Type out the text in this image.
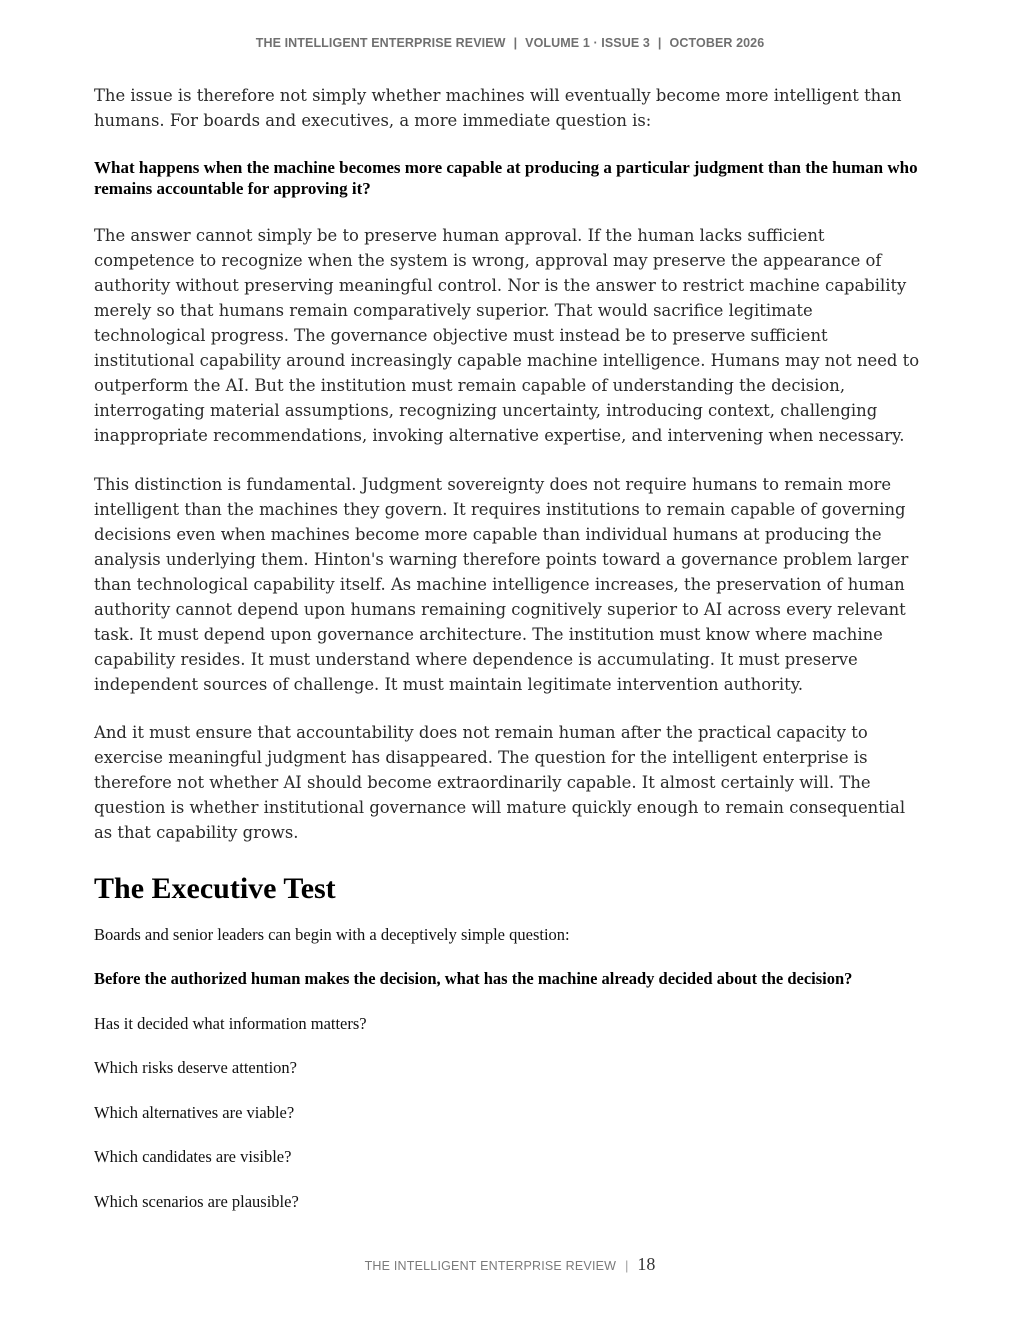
THE INTELLIGENT ENTERPRISE REVIEW | VOLUME 1 · ISSUE 3 | OCTOBER 2026

The issue is therefore not simply whether machines will eventually become more intelligent than humans. For boards and executives, a more immediate question is:

What happens when the machine becomes more capable at producing a particular judgment than the human who remains accountable for approving it?

The answer cannot simply be to preserve human approval. If the human lacks sufficient competence to recognize when the system is wrong, approval may preserve the appearance of authority without preserving meaningful control. Nor is the answer to restrict machine capability merely so that humans remain comparatively superior. That would sacrifice legitimate technological progress. The governance objective must instead be to preserve sufficient institutional capability around increasingly capable machine intelligence. Humans may not need to outperform the AI. But the institution must remain capable of understanding the decision, interrogating material assumptions, recognizing uncertainty, introducing context, challenging inappropriate recommendations, invoking alternative expertise, and intervening when necessary.

This distinction is fundamental. Judgment sovereignty does not require humans to remain more intelligent than the machines they govern. It requires institutions to remain capable of governing decisions even when machines become more capable than individual humans at producing the analysis underlying them. Hinton's warning therefore points toward a governance problem larger than technological capability itself. As machine intelligence increases, the preservation of human authority cannot depend upon humans remaining cognitively superior to AI across every relevant task. It must depend upon governance architecture. The institution must know where machine capability resides. It must understand where dependence is accumulating. It must preserve independent sources of challenge. It must maintain legitimate intervention authority.

And it must ensure that accountability does not remain human after the practical capacity to exercise meaningful judgment has disappeared. The question for the intelligent enterprise is therefore not whether AI should become extraordinarily capable. It almost certainly will. The question is whether institutional governance will mature quickly enough to remain consequential as that capability grows.

The Executive Test

Boards and senior leaders can begin with a deceptively simple question:

Before the authorized human makes the decision, what has the machine already decided about the decision?

Has it decided what information matters?

Which risks deserve attention?

Which alternatives are viable?

Which candidates are visible?

Which scenarios are plausible?

THE INTELLIGENT ENTERPRISE REVIEW | 18
